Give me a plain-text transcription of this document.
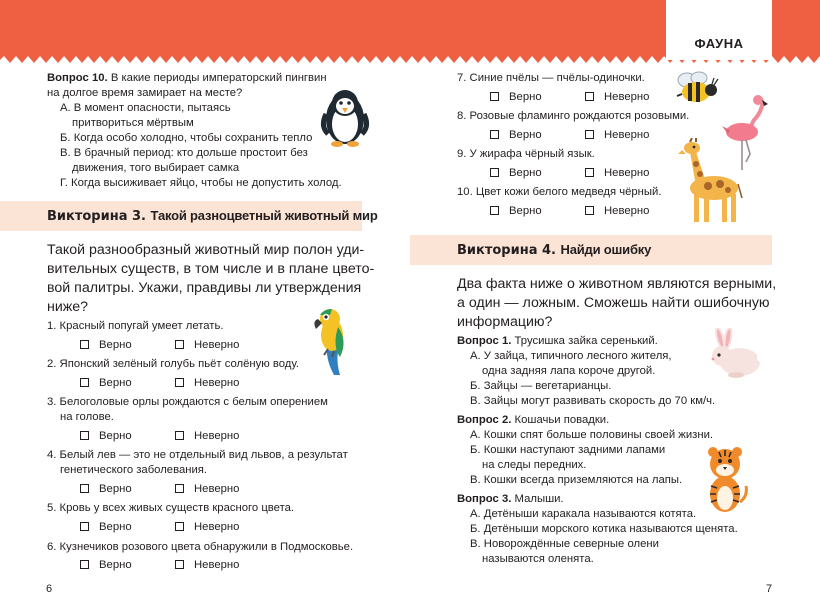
ФАУНА
Вопрос 10. В какие периоды императорский пингвин
на долгое время замирает на месте?
А. В момент опасности, пытаясь
притвориться мёртвым
Б. Когда особо холодно, чтобы сохранить тепло
В. В брачный период: кто дольше простоит без
движения, того выбирает самка
Г. Когда высиживает яйцо, чтобы не допустить холод.
Викторина 3. Такой разноцветный животный мир
Такой разнообразный животный мир полон уди-
вительных существ, в том числе и в плане цвето-
вой палитры. Укажи, правдивы ли утверждения
ниже?
1. Красный попугай умеет летать.
Верно	Неверно
2. Японский зелёный голубь пьёт солёную воду.
Верно	Неверно
3. Белоголовые орлы рождаются с белым оперением
на голове.
Верно	Неверно
4. Белый лев — это не отдельный вид львов, а результат
генетического заболевания.
Верно	Неверно
5. Кровь у всех живых существ красного цвета.
Верно	Неверно
6. Кузнечиков розового цвета обнаружили в Подмосковье.
Верно	Неверно
6
7. Синие пчёлы — пчёлы-одиночки.
Верно	Неверно
8. Розовые фламинго рождаются розовыми.
Верно	Неверно
9. У жирафа чёрный язык.
Верно	Неверно
10. Цвет кожи белого медведя чёрный.
Верно	Неверно
Викторина 4. Найди ошибку
Два факта ниже о животном являются верными,
а один — ложным. Сможешь найти ошибочную
информацию?
Вопрос 1. Трусишка зайка серенький.
А. У зайца, типичного лесного жителя,
одна задняя лапа короче другой.
Б. Зайцы — вегетарианцы.
В. Зайцы могут развивать скорость до 70 км/ч.
Вопрос 2. Кошачьи повадки.
А. Кошки спят больше половины своей жизни.
Б. Кошки наступают задними лапами
на следы передних.
В. Кошки всегда приземляются на лапы.
Вопрос 3. Малыши.
А. Детёныши каракала называются котята.
Б. Детёныши морского котика называются щенята.
В. Новорождённые северные олени
называются оленята.
7
